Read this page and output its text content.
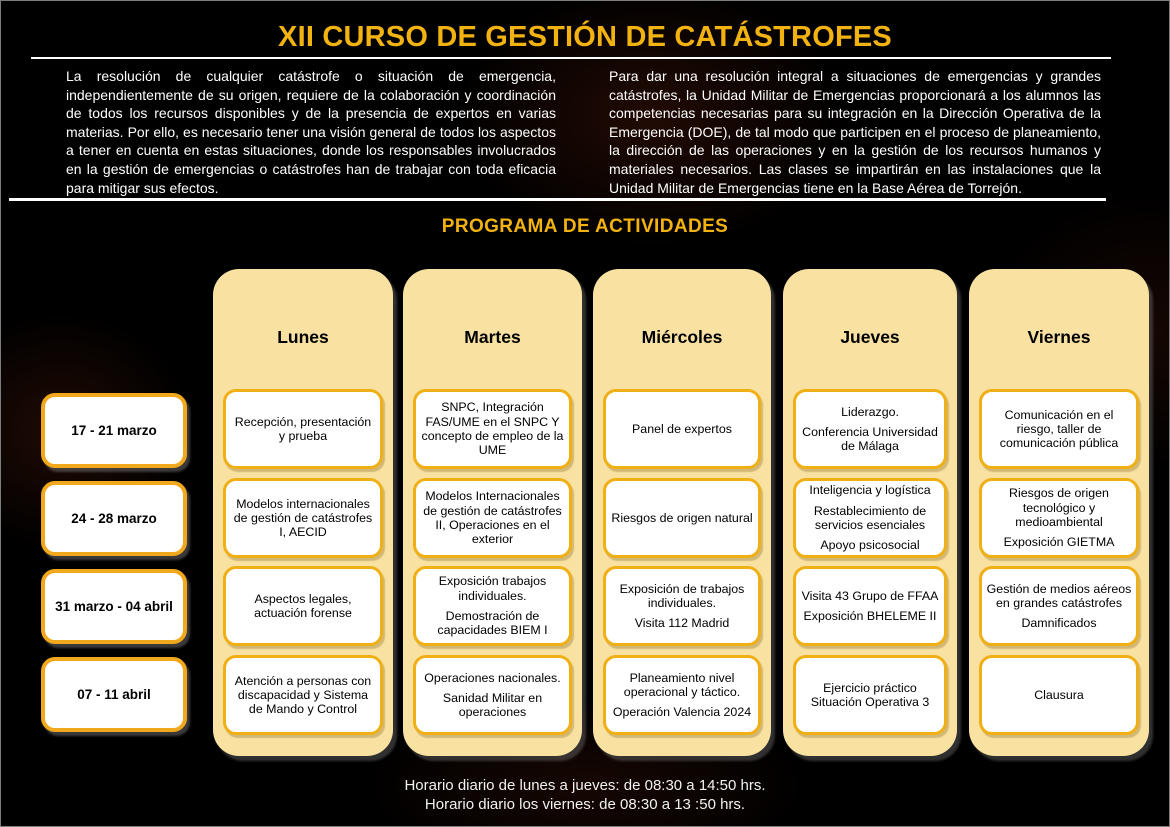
XII CURSO DE GESTIÓN DE CATÁSTROFES

La resolución de cualquier catástrofe o situación de emergencia, independientemente de su origen, requiere de la colaboración y coordinación de todos los recursos disponibles y de la presencia de expertos en varias materias. Por ello, es necesario tener una visión general de todos los aspectos a tener en cuenta en estas situaciones, donde los responsables involucrados en la gestión de emergencias o catástrofes han de trabajar con toda eficacia para mitigar sus efectos.

Para dar una resolución integral a situaciones de emergencias y grandes catástrofes, la Unidad Militar de Emergencias proporcionará a los alumnos las competencias necesarias para su integración en la Dirección Operativa de la Emergencia (DOE), de tal modo que participen en el proceso de planeamiento, la dirección de las operaciones y en la gestión de los recursos humanos y materiales necesarios. Las clases se impartirán en las instalaciones que la Unidad Militar de Emergencias tiene en la Base Aérea de Torrejón.

PROGRAMA DE ACTIVIDADES
17 - 21 marzo
24 - 28 marzo
31 marzo - 04 abril
07 - 11 abril
Lunes
Recepción, presentación y prueba
Modelos internacionales de gestión de catástrofes I, AECID
Aspectos legales, actuación forense
Atención a personas con discapacidad y Sistema de Mando y Control
Martes
SNPC, Integración FAS/UME en el SNPC Y concepto de empleo de la UME
Modelos Internacionales de gestión de catástrofes II, Operaciones en el exterior
Exposición trabajos individuales.
Demostración de capacidades BIEM I
Operaciones nacionales.
Sanidad Militar en operaciones
Miércoles
Panel de expertos
Riesgos de origen natural
Exposición de trabajos individuales.
Visita 112 Madrid
Planeamiento nivel operacional y táctico.
Operación Valencia 2024
Jueves
Liderazgo.
Conferencia Universidad de Málaga
Inteligencia y logística
Restablecimiento de servicios esenciales
Apoyo psicosocial
Visita 43 Grupo de FFAA
Exposición BHELEME II
Ejercicio práctico Situación Operativa 3
Viernes
Comunicación en el riesgo, taller de comunicación pública
Riesgos de origen tecnológico y medioambiental
Exposición GIETMA
Gestión de medios aéreos en grandes catástrofes
Damnificados
Clausura
Horario diario de lunes a jueves: de 08:30 a 14:50 hrs.
Horario diario los viernes: de 08:30 a 13 :50 hrs.
